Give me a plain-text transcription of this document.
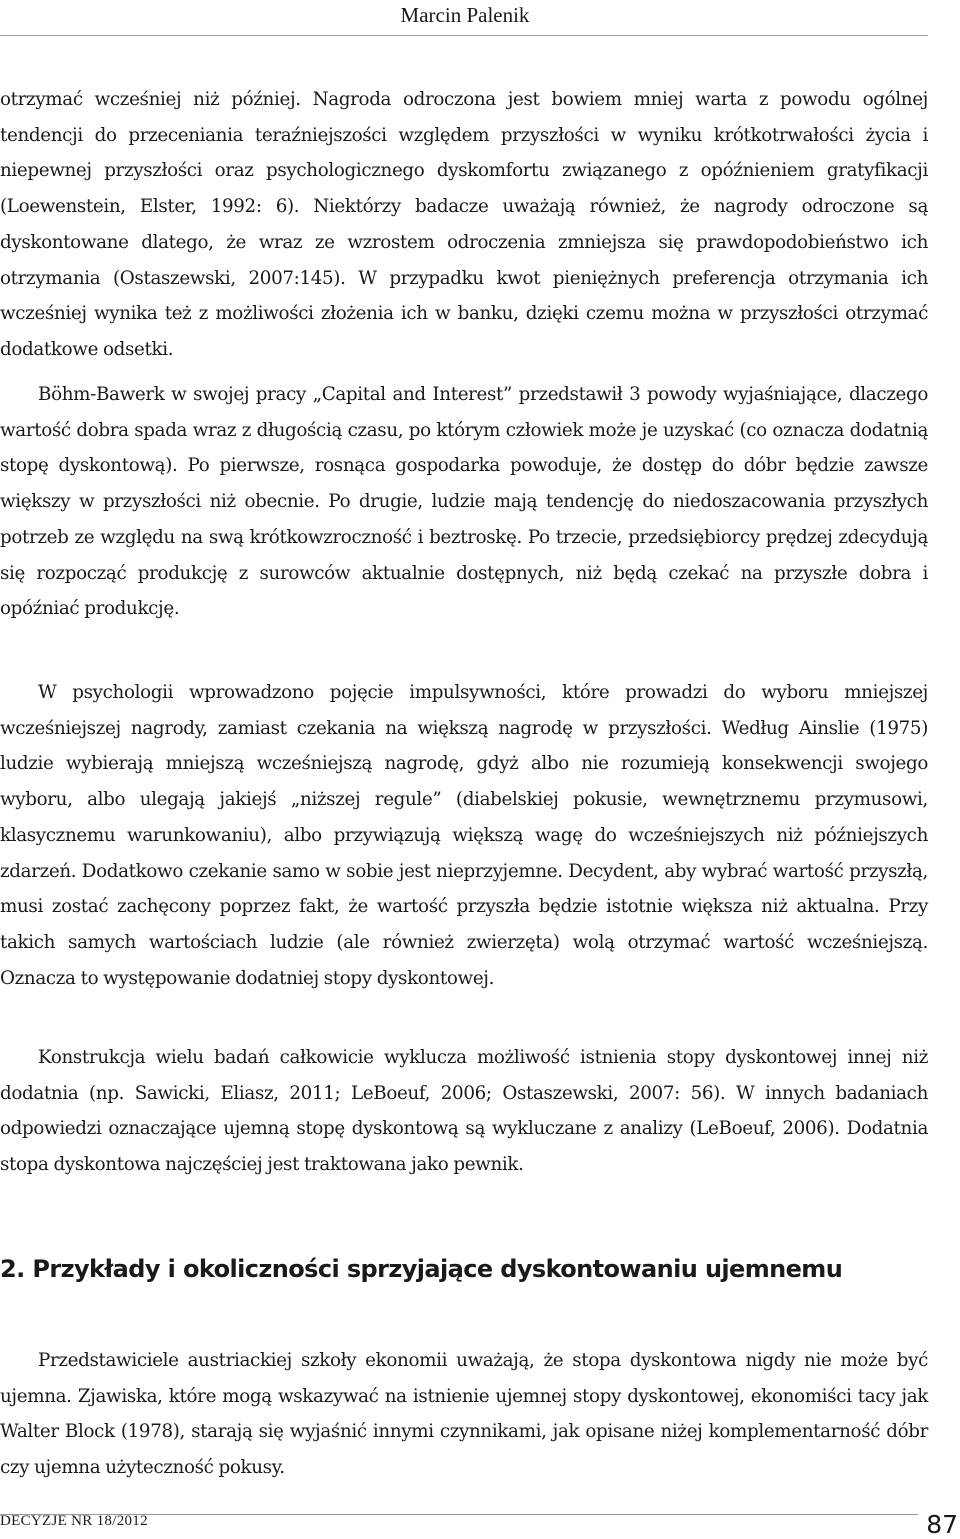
Marcin Palenik

otrzymać wcześniej niż później. Nagroda odroczona jest bowiem mniej warta z powodu ogólnej tendencji do przeceniania teraźniejszości względem przyszłości w wyniku krótkotrwałości życia i niepewnej przyszłości oraz psychologicznego dyskomfortu związanego z opóźnieniem gratyfikacji (Loewenstein, Elster, 1992: 6). Niektórzy badacze uważają również, że nagrody odroczone są dyskontowane dlatego, że wraz ze wzrostem odroczenia zmniejsza się prawdopodobieństwo ich otrzymania (Ostaszewski, 2007:145). W przypadku kwot pieniężnych preferencja otrzymania ich wcześniej wynika też z możliwości złożenia ich w banku, dzięki czemu można w przyszłości otrzymać dodatkowe odsetki.

Böhm-Bawerk w swojej pracy „Capital and Interest” przedstawił 3 powody wyjaśniające, dlaczego wartość dobra spada wraz z długością czasu, po którym człowiek może je uzyskać (co oznacza dodatnią stopę dyskontową). Po pierwsze, rosnąca gospodarka powoduje, że dostęp do dóbr będzie zawsze większy w przyszłości niż obecnie. Po drugie, ludzie mają tendencję do niedoszacowania przyszłych potrzeb ze względu na swą krótkowzroczność i beztroskę. Po trzecie, przedsiębiorcy prędzej zdecydują się rozpocząć produkcję z surowców aktualnie dostępnych, niż będą czekać na przyszłe dobra i opóźniać produkcję.

W psychologii wprowadzono pojęcie impulsywności, które prowadzi do wyboru mniejszej wcześniejszej nagrody, zamiast czekania na większą nagrodę w przyszłości. Według Ainslie (1975) ludzie wybierają mniejszą wcześniejszą nagrodę, gdyż albo nie rozumieją konsekwencji swojego wyboru, albo ulegają jakiejś „niższej regule” (diabelskiej pokusie, wewnętrznemu przymusowi, klasycznemu warunkowaniu), albo przywiązują większą wagę do wcześniejszych niż późniejszych zdarzeń. Dodatkowo czekanie samo w sobie jest nieprzyjemne. Decydent, aby wybrać wartość przyszłą, musi zostać zachęcony poprzez fakt, że wartość przyszła będzie istotnie większa niż aktualna. Przy takich samych wartościach ludzie (ale również zwierzęta) wolą otrzymać wartość wcześniejszą. Oznacza to występowanie dodatniej stopy dyskontowej.

Konstrukcja wielu badań całkowicie wyklucza możliwość istnienia stopy dyskontowej innej niż dodatnia (np. Sawicki, Eliasz, 2011; LeBoeuf, 2006; Ostaszewski, 2007: 56). W innych badaniach odpowiedzi oznaczające ujemną stopę dyskontową są wykluczane z analizy (LeBoeuf, 2006). Dodatnia stopa dyskontowa najczęściej jest traktowana jako pewnik.

2. Przykłady i okoliczności sprzyjające dyskontowaniu ujemnemu

Przedstawiciele austriackiej szkoły ekonomii uważają, że stopa dyskontowa nigdy nie może być ujemna. Zjawiska, które mogą wskazywać na istnienie ujemnej stopy dyskontowej, ekonomiści tacy jak Walter Block (1978), starają się wyjaśnić innymi czynnikami, jak opisane niżej komplementarność dóbr czy ujemna użyteczność pokusy.

DECYZJE NR 18/2012	87
